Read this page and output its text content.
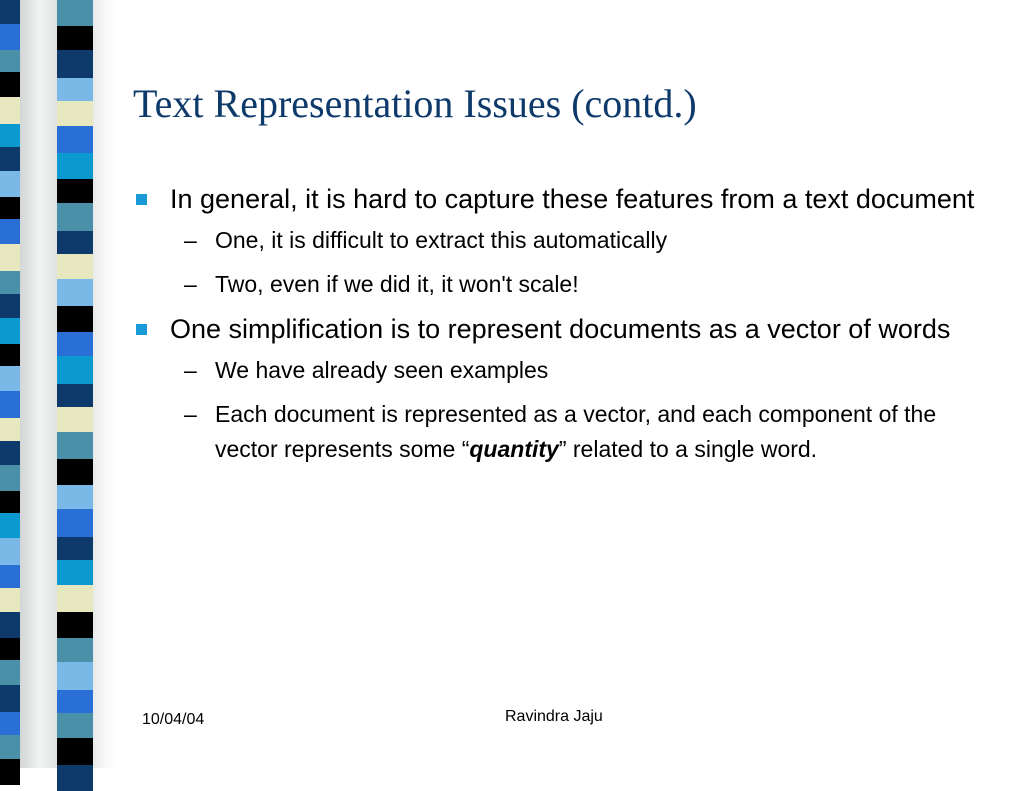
Text Representation Issues (contd.)
In general, it is hard to capture these features from a text document
– One, it is difficult to extract this automatically
– Two, even if we did it, it won't scale!
One simplification is to represent documents as a vector of words
– We have already seen examples
– Each document is represented as a vector, and each component of the vector represents some “quantity” related to a single word.
10/04/04	Ravindra Jaju
